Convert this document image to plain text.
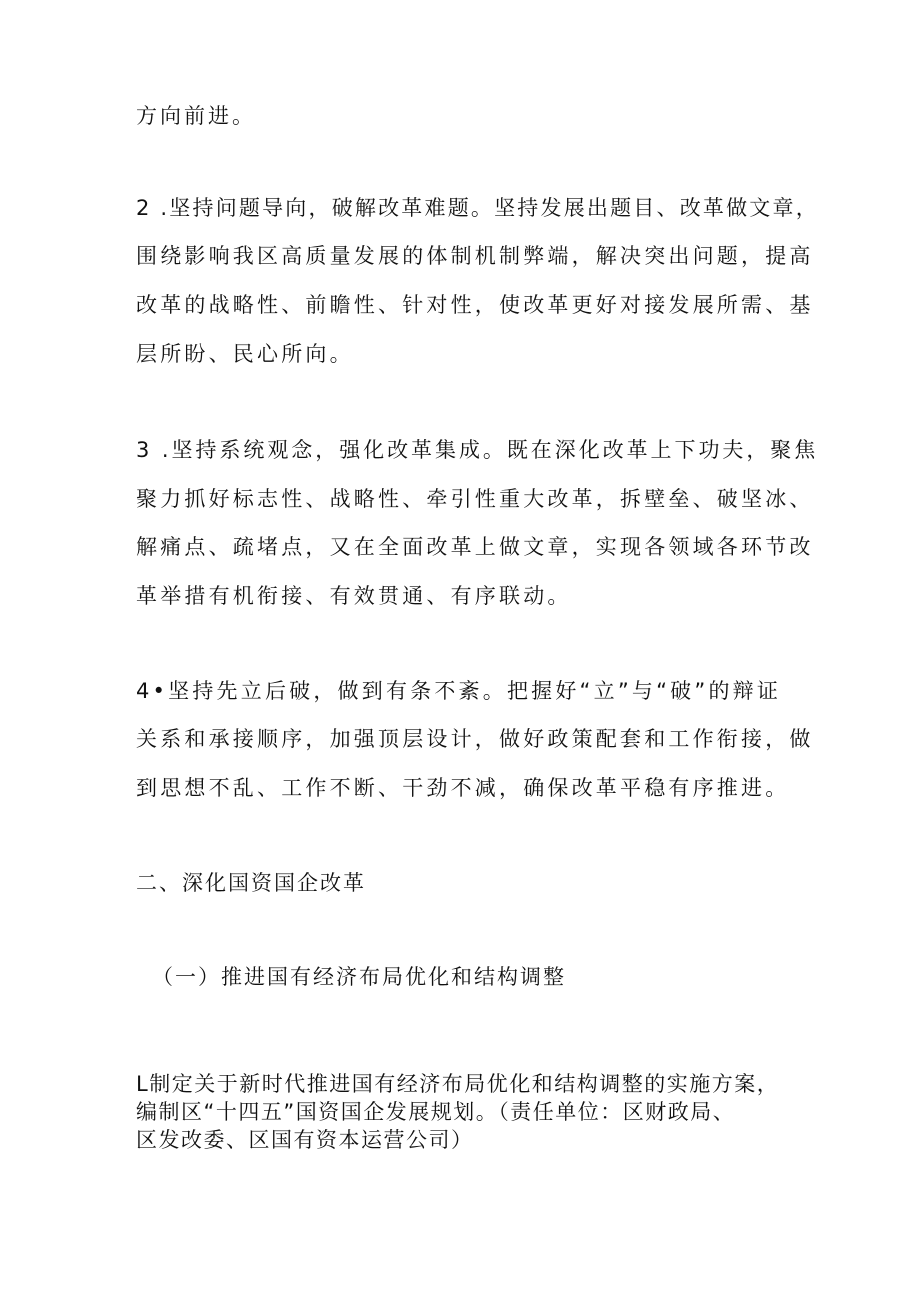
方向前进。
2 .坚持问题导向，破解改革难题。坚持发展出题目、改革做文章，
围绕影响我区高质量发展的体制机制弊端，解决突出问题，提高
改革的战略性、前瞻性、针对性，使改革更好对接发展所需、基
层所盼、民心所向。
3 .坚持系统观念，强化改革集成。既在深化改革上下功夫，聚焦
聚力抓好标志性、战略性、牵引性重大改革，拆壁垒、破坚冰、
解痛点、疏堵点，又在全面改革上做文章，实现各领域各环节改
革举措有机衔接、有效贯通、有序联动。
4•坚持先立后破，做到有条不紊。把握好“立”与“破”的辩证
关系和承接顺序，加强顶层设计，做好政策配套和工作衔接，做
到思想不乱、工作不断、干劲不减，确保改革平稳有序推进。
二、深化国资国企改革
（一）推进国有经济布局优化和结构调整
L制定关于新时代推进国有经济布局优化和结构调整的实施方案，
编制区“十四五”国资国企发展规划。（责任单位：区财政局、
区发改委、区国有资本运营公司）
